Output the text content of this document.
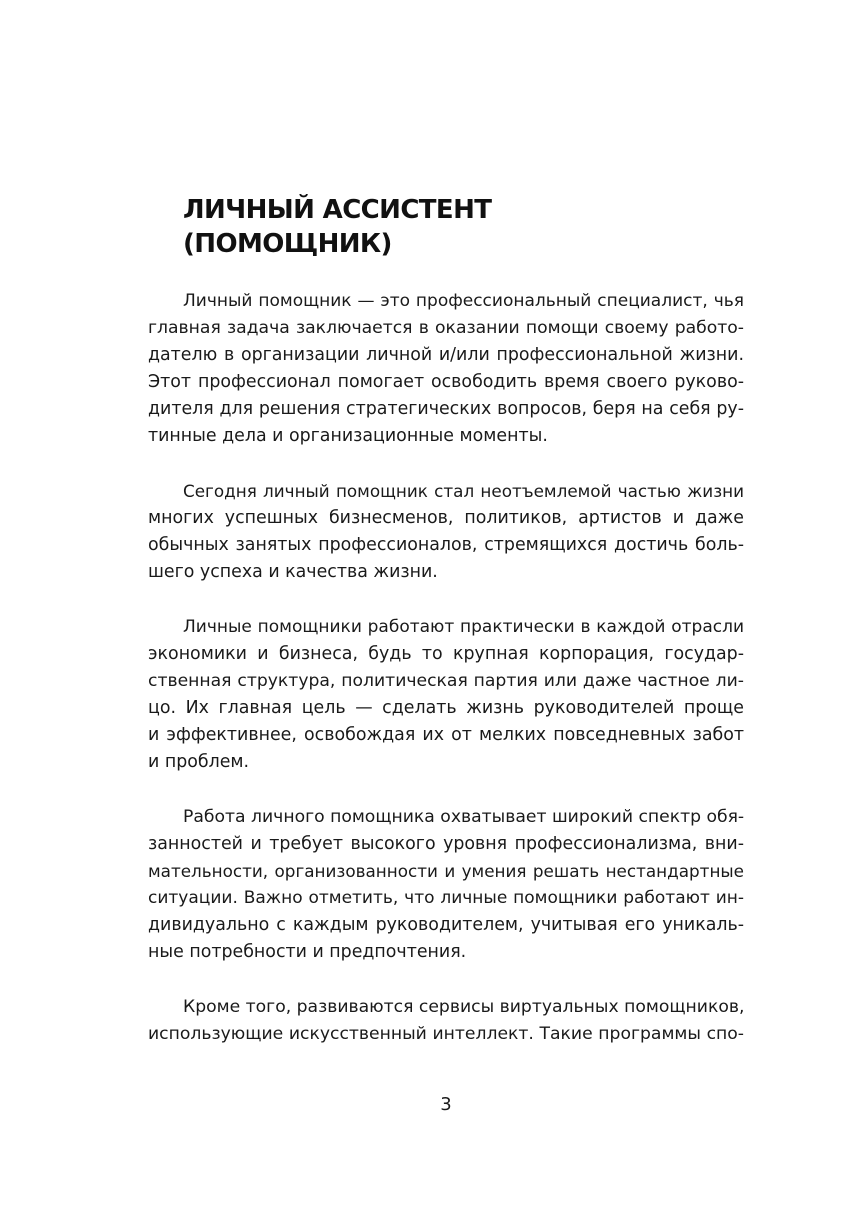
ЛИЧНЫЙ АССИСТЕНТ
(ПОМОЩНИК)
Личный помощник — это профессиональный специалист, чья
главная задача заключается в оказании помощи своему работо-
дателю в организации личной и/или профессиональной жизни.
Этот профессионал помогает освободить время своего руково-
дителя для решения стратегических вопросов, беря на себя ру-
тинные дела и организационные моменты.
Сегодня личный помощник стал неотъемлемой частью жизни
многих успешных бизнесменов, политиков, артистов и даже
обычных занятых профессионалов, стремящихся достичь боль-
шего успеха и качества жизни.
Личные помощники работают практически в каждой отрасли
экономики и бизнеса, будь то крупная корпорация, государ-
ственная структура, политическая партия или даже частное ли-
цо. Их главная цель — сделать жизнь руководителей проще
и эффективнее, освобождая их от мелких повседневных забот
и проблем.
Работа личного помощника охватывает широкий спектр обя-
занностей и требует высокого уровня профессионализма, вни-
мательности, организованности и умения решать нестандартные
ситуации. Важно отметить, что личные помощники работают ин-
дивидуально с каждым руководителем, учитывая его уникаль-
ные потребности и предпочтения.
Кроме того, развиваются сервисы виртуальных помощников,
использующие искусственный интеллект. Такие программы спо-
3
